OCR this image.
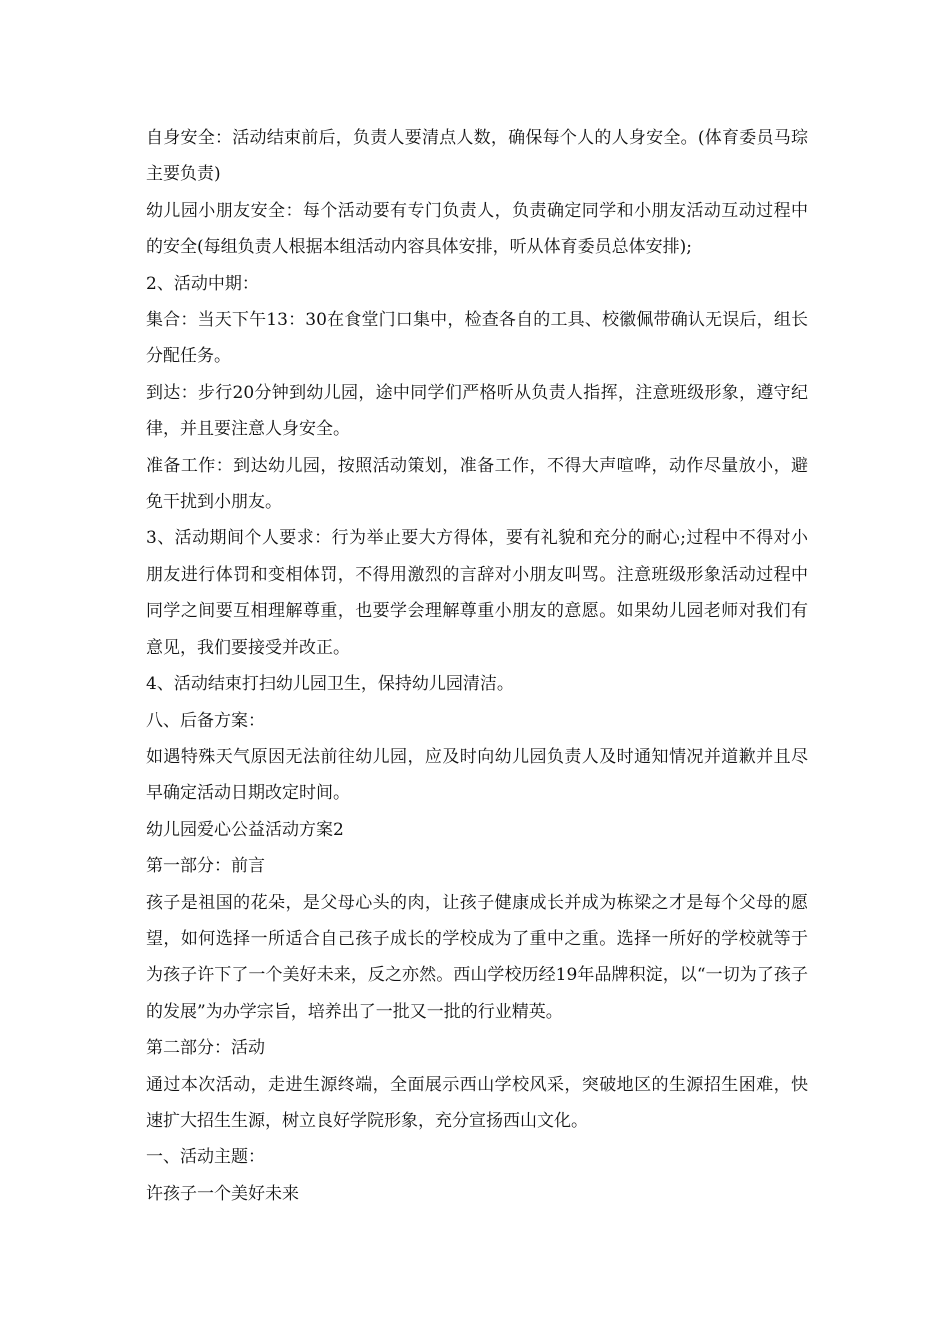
自身安全：活动结束前后，负责人要清点人数，确保每个人的人身安全。(体育委员马琮主要负责)

幼儿园小朋友安全：每个活动要有专门负责人，负责确定同学和小朋友活动互动过程中的安全(每组负责人根据本组活动内容具体安排，听从体育委员总体安排);

2、活动中期：

集合：当天下午13：30在食堂门口集中，检查各自的工具、校徽佩带确认无误后，组长分配任务。

到达：步行20分钟到幼儿园，途中同学们严格听从负责人指挥，注意班级形象，遵守纪律，并且要注意人身安全。

准备工作：到达幼儿园，按照活动策划，准备工作，不得大声喧哗，动作尽量放小，避免干扰到小朋友。

3、活动期间个人要求：行为举止要大方得体，要有礼貌和充分的耐心;过程中不得对小朋友进行体罚和变相体罚，不得用激烈的言辞对小朋友叫骂。注意班级形象活动过程中同学之间要互相理解尊重，也要学会理解尊重小朋友的意愿。如果幼儿园老师对我们有意见，我们要接受并改正。

4、活动结束打扫幼儿园卫生，保持幼儿园清洁。

八、后备方案：

如遇特殊天气原因无法前往幼儿园，应及时向幼儿园负责人及时通知情况并道歉并且尽早确定活动日期改定时间。

幼儿园爱心公益活动方案2

第一部分：前言

孩子是祖国的花朵，是父母心头的肉，让孩子健康成长并成为栋梁之才是每个父母的愿望，如何选择一所适合自己孩子成长的学校成为了重中之重。选择一所好的学校就等于为孩子许下了一个美好未来，反之亦然。西山学校历经19年品牌积淀，以“一切为了孩子的发展”为办学宗旨，培养出了一批又一批的行业精英。

第二部分：活动

通过本次活动，走进生源终端，全面展示西山学校风采，突破地区的生源招生困难，快速扩大招生生源，树立良好学院形象，充分宣扬西山文化。

一、活动主题：

许孩子一个美好未来
